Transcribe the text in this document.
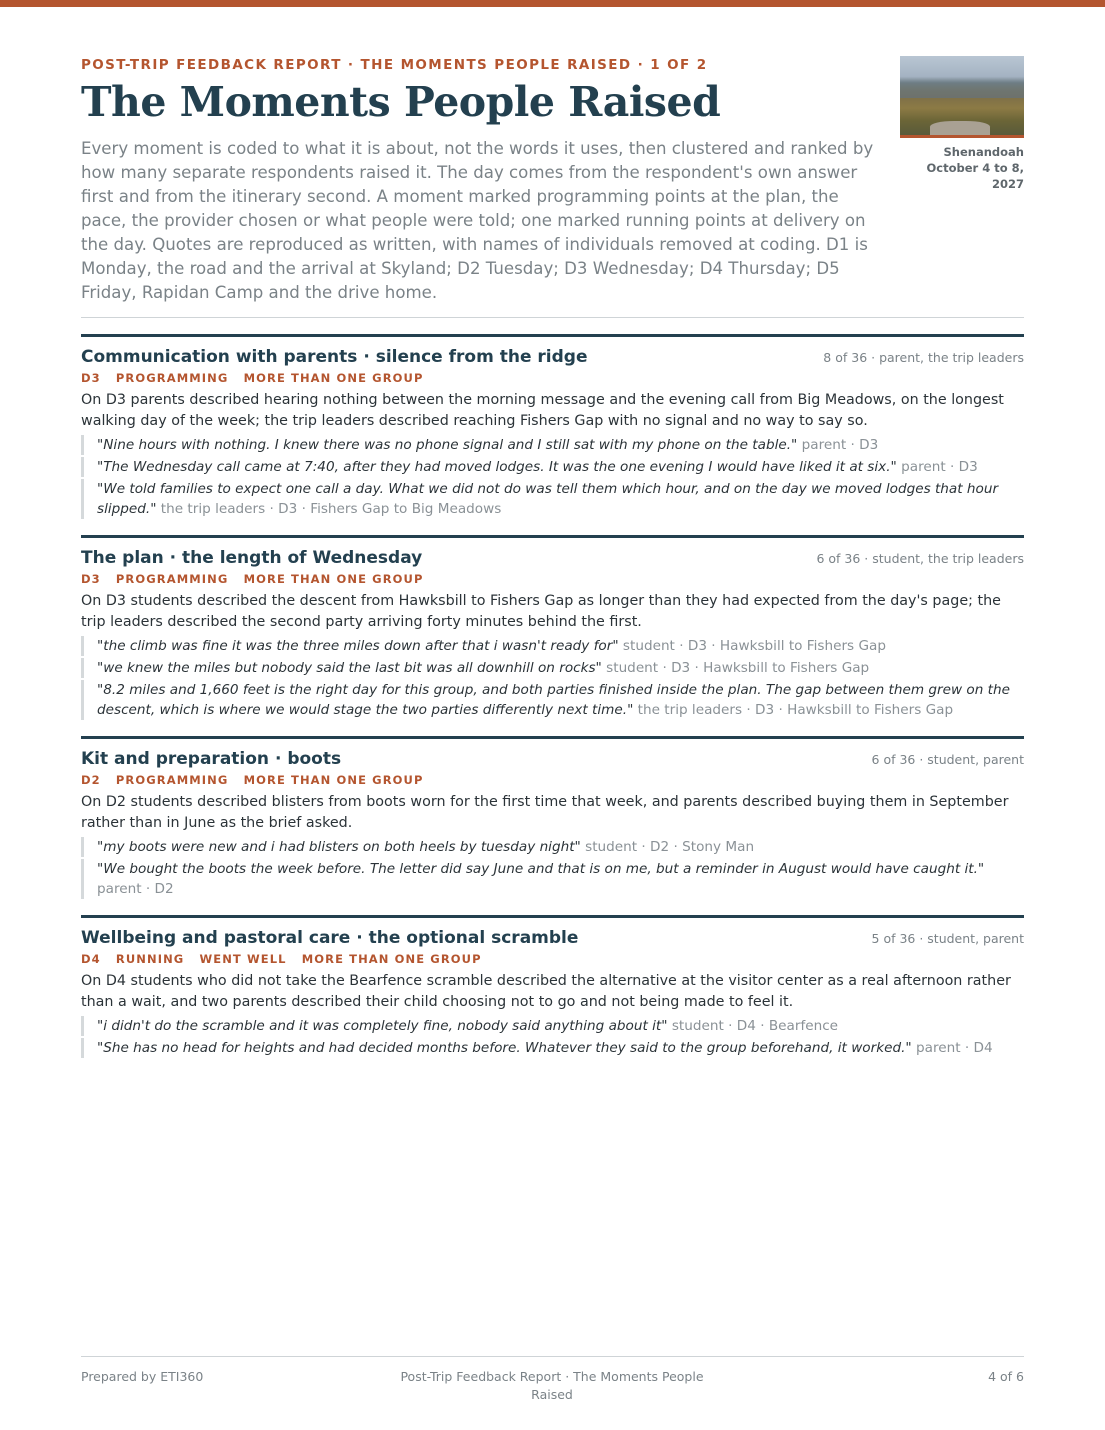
POST-TRIP FEEDBACK REPORT · THE MOMENTS PEOPLE RAISED · 1 OF 2
The Moments People Raised

Every moment is coded to what it is about, not the words it uses, then clustered and ranked by how many separate respondents raised it. The day comes from the respondent's own answer first and from the itinerary second. A moment marked programming points at the plan, the pace, the provider chosen or what people were told; one marked running points at delivery on the day. Quotes are reproduced as written, with names of individuals removed at coding. D1 is Monday, the road and the arrival at Skyland; D2 Tuesday; D3 Wednesday; D4 Thursday; D5 Friday, Rapidan Camp and the drive home.

Shenandoah
October 4 to 8, 2027
Communication with parents · silence from the ridge	8 of 36 · parent, the trip leaders
D3 PROGRAMMING MORE THAN ONE GROUP

On D3 parents described hearing nothing between the morning message and the evening call from Big Meadows, on the longest walking day of the week; the trip leaders described reaching Fishers Gap with no signal and no way to say so.

"Nine hours with nothing. I knew there was no phone signal and I still sat with my phone on the table." parent · D3
"The Wednesday call came at 7:40, after they had moved lodges. It was the one evening I would have liked it at six." parent · D3
"We told families to expect one call a day. What we did not do was tell them which hour, and on the day we moved lodges that hour slipped." the trip leaders · D3 · Fishers Gap to Big Meadows
The plan · the length of Wednesday	6 of 36 · student, the trip leaders
D3 PROGRAMMING MORE THAN ONE GROUP

On D3 students described the descent from Hawksbill to Fishers Gap as longer than they had expected from the day's page; the trip leaders described the second party arriving forty minutes behind the first.

"the climb was fine it was the three miles down after that i wasn't ready for" student · D3 · Hawksbill to Fishers Gap
"we knew the miles but nobody said the last bit was all downhill on rocks" student · D3 · Hawksbill to Fishers Gap
"8.2 miles and 1,660 feet is the right day for this group, and both parties finished inside the plan. The gap between them grew on the descent, which is where we would stage the two parties differently next time." the trip leaders · D3 · Hawksbill to Fishers Gap
Kit and preparation · boots	6 of 36 · student, parent
D2 PROGRAMMING MORE THAN ONE GROUP

On D2 students described blisters from boots worn for the first time that week, and parents described buying them in September rather than in June as the brief asked.

"my boots were new and i had blisters on both heels by tuesday night" student · D2 · Stony Man
"We bought the boots the week before. The letter did say June and that is on me, but a reminder in August would have caught it." parent · D2
Wellbeing and pastoral care · the optional scramble	5 of 36 · student, parent
D4 RUNNING WENT WELL MORE THAN ONE GROUP

On D4 students who did not take the Bearfence scramble described the alternative at the visitor center as a real afternoon rather than a wait, and two parents described their child choosing not to go and not being made to feel it.

"i didn't do the scramble and it was completely fine, nobody said anything about it" student · D4 · Bearfence
"She has no head for heights and had decided months before. Whatever they said to the group beforehand, it worked." parent · D4
Prepared by ETI360	Post-Trip Feedback Report · The Moments People Raised
4 of 6
